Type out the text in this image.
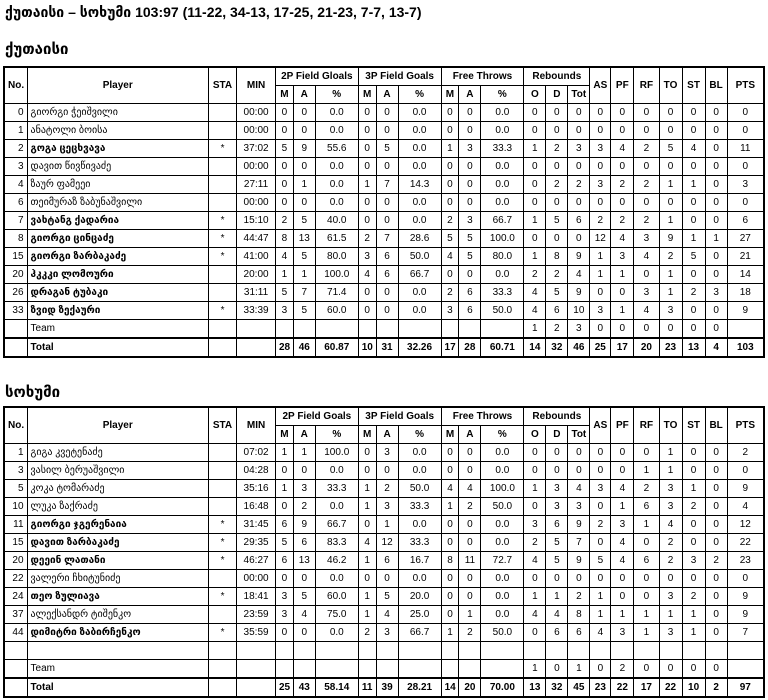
ქუთაისი – სოხუმი 103:97 (11-22, 34-13, 17-25, 21-23, 7-7, 13-7)
ქუთაისი
No.	Player	STA	MIN	2P Field Gloals			3P Field Goals			Free Throws			Rebounds			AS	PF	RF	TO	ST	BL	PTS
				M	A	%	M	A	%	M	A	%	O	D	Tot							
0	გიორგი ჭეიშვილი		00:00	0	0	0.0	0	0	0.0	0	0	0.0	0	0	0	0	0	0	0	0	0	0
1	ანატოლი ბოისა		00:00	0	0	0.0	0	0	0.0	0	0	0.0	0	0	0	0	0	0	0	0	0	0
2	გოგა ცეცხვავა	*	37:02	5	9	55.6	0	5	0.0	1	3	33.3	1	2	3	3	4	2	5	4	0	11
3	დავით წივწივაძე		00:00	0	0	0.0	0	0	0.0	0	0	0.0	0	0	0	0	0	0	0	0	0	0
4	ზაურ ფამეეი		27:11	0	1	0.0	1	7	14.3	0	0	0.0	0	2	2	3	2	2	1	1	0	3
6	თეიმურაზ ზაბუნაშვილი		00:00	0	0	0.0	0	0	0.0	0	0	0.0	0	0	0	0	0	0	0	0	0	0
7	ვახტანგ ქადარია	*	15:10	2	5	40.0	0	0	0.0	2	3	66.7	1	5	6	2	2	2	1	0	0	6
8	გიორგი ცინცაძე	*	44:47	8	13	61.5	2	7	28.6	5	5	100.0	0	0	0	12	4	3	9	1	1	27
15	გიორგი ზარბაკაძე	*	41:00	4	5	80.0	3	6	50.0	4	5	80.0	1	8	9	1	3	4	2	5	0	21
20	ჰკკკი ლომოური		20:00	1	1	100.0	4	6	66.7	0	0	0.0	2	2	4	1	1	0	1	0	0	14
26	დრაგან ტუბაკი		31:11	5	7	71.4	0	0	0.0	2	6	33.3	4	5	9	0	0	3	1	2	3	18
33	ზვიდ ზექაური	*	33:39	3	5	60.0	0	0	0.0	3	6	50.0	4	6	10	3	1	4	3	0	0	9
	Team												1	2	3	0	0	0	0	0	0	
	Total			28	46	60.87	10	31	32.26	17	28	60.71	14	32	46	25	17	20	23	13	4	103
სოხუმი
No.	Player	STA	MIN	2P Field Goals			3P Field Goals			Free Throws			Rebounds			AS	PF	RF	TO	ST	BL	PTS
				M	A	%	M	A	%	M	A	%	O	D	Tot							
1	გიგა კვეტენაძე		07:02	1	1	100.0	0	3	0.0	0	0	0.0	0	0	0	0	0	0	1	0	0	2
3	ვასილ ბერუაშვილი		04:28	0	0	0.0	0	0	0.0	0	0	0.0	0	0	0	0	0	1	1	0	0	0
5	კოკა ტომარაძე		35:16	1	3	33.3	1	2	50.0	4	4	100.0	1	3	4	3	4	2	3	1	0	9
10	ლუკა ზაქრაძე		16:48	0	2	0.0	1	3	33.3	1	2	50.0	0	3	3	0	1	6	3	2	0	4
11	გიორგი ჯგერენაია	*	31:45	6	9	66.7	0	1	0.0	0	0	0.0	3	6	9	2	3	1	4	0	0	12
15	დავით ზარბაკაძე	*	29:35	5	6	83.3	4	12	33.3	0	0	0.0	2	5	7	0	4	0	2	0	0	22
20	დეეინ ლათანი	*	46:27	6	13	46.2	1	6	16.7	8	11	72.7	4	5	9	5	4	6	2	3	2	23
22	ვალერი ჩხიტუნიძე		00:00	0	0	0.0	0	0	0.0	0	0	0.0	0	0	0	0	0	0	0	0	0	0
24	თეო ზულიავა	*	18:41	3	5	60.0	1	5	20.0	0	0	0.0	1	1	2	1	0	0	3	2	0	9
37	ალექსანდრ ტიშენკო		23:59	3	4	75.0	1	4	25.0	0	1	0.0	4	4	8	1	1	1	1	1	0	9
44	დიმიტრი ზაბირჩენკო	*	35:59	0	0	0.0	2	3	66.7	1	2	50.0	0	6	6	4	3	1	3	1	0	7

	Team												1	0	1	0	2	0	0	0	0	
	Total			25	43	58.14	11	39	28.21	14	20	70.00	13	32	45	23	22	17	22	10	2	97
